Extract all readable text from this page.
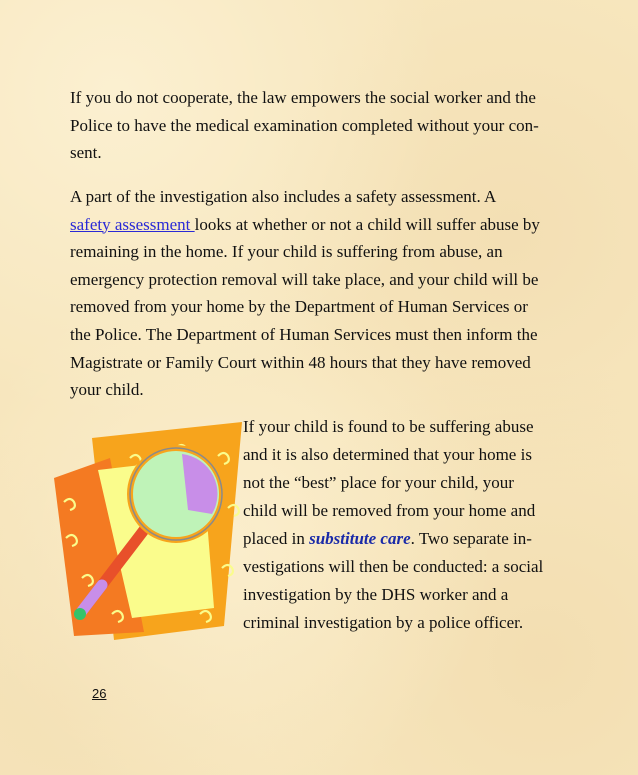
If you do not cooperate, the law empowers the social worker and the
Police to have the medical examination completed without your con-
sent.

A part of the investigation also includes a safety assessment. A
safety assessment looks at whether or not a child will suffer abuse by
remaining in the home. If your child is suffering from abuse, an
emergency protection removal will take place, and your child will be
removed from your home by the Department of Human Services or
the Police. The Department of Human Services must then inform the
Magistrate or Family Court within 48 hours that they have removed
your child.

If your child is found to be suffering abuse
and it is also determined that your home is
not the “best” place for your child, your
child will be removed from your home and
placed in substitute care. Two separate in-
vestigations will then be conducted: a social
investigation by the DHS worker and a
criminal investigation by a police officer.

26
